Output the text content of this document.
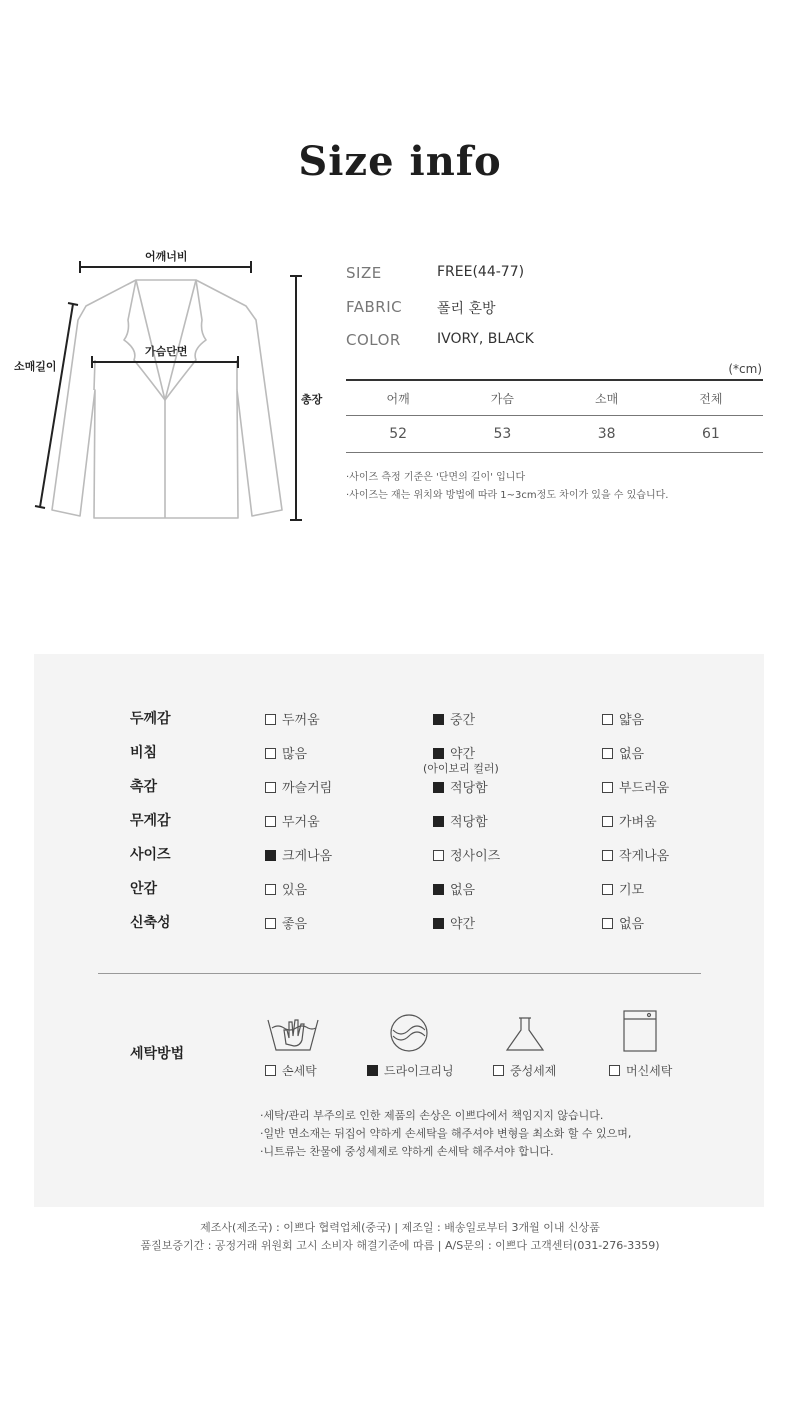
Size info
어깨너비
가슴단면
소매길이
총장
SIZE	FREE(44-77)
FABRIC 폴리 혼방
COLOR	IVORY, BLACK
(*cm)
어깨	가슴	소매	전체
52	53	38	61
·사이즈 측정 기준은 '단면의 길이' 입니다
·사이즈는 재는 위치와 방법에 따라 1~3cm정도 차이가 있을 수 있습니다.
두께감	두꺼움	중간	얇음
비침	많음	약간	없음
(아이보리 컬러)
촉감	까슬거림	적당함	부드러움
무게감	무거움	적당함	가벼움
사이즈	크게나옴	정사이즈	작게나옴
안감	있음	없음	기모
신축성	좋음	약간	없음
세탁방법
손세탁	드라이크리닝	중성세제	머신세탁
·세탁/관리 부주의로 인한 제품의 손상은 이쁘다에서 책임지지 않습니다.
·일반 면소재는 뒤집어 약하게 손세탁을 해주셔야 변형을 최소화 할 수 있으며,
·니트류는 찬물에 중성세제로 약하게 손세탁 해주셔야 합니다.
제조사(제조국) : 이쁘다 협력업체(중국) | 제조일 : 배송일로부터 3개월 이내 신상품
품질보증기간 : 공정거래 위원회 고시 소비자 해결기준에 따름 | A/S문의 : 이쁘다 고객센터(031-276-3359)
